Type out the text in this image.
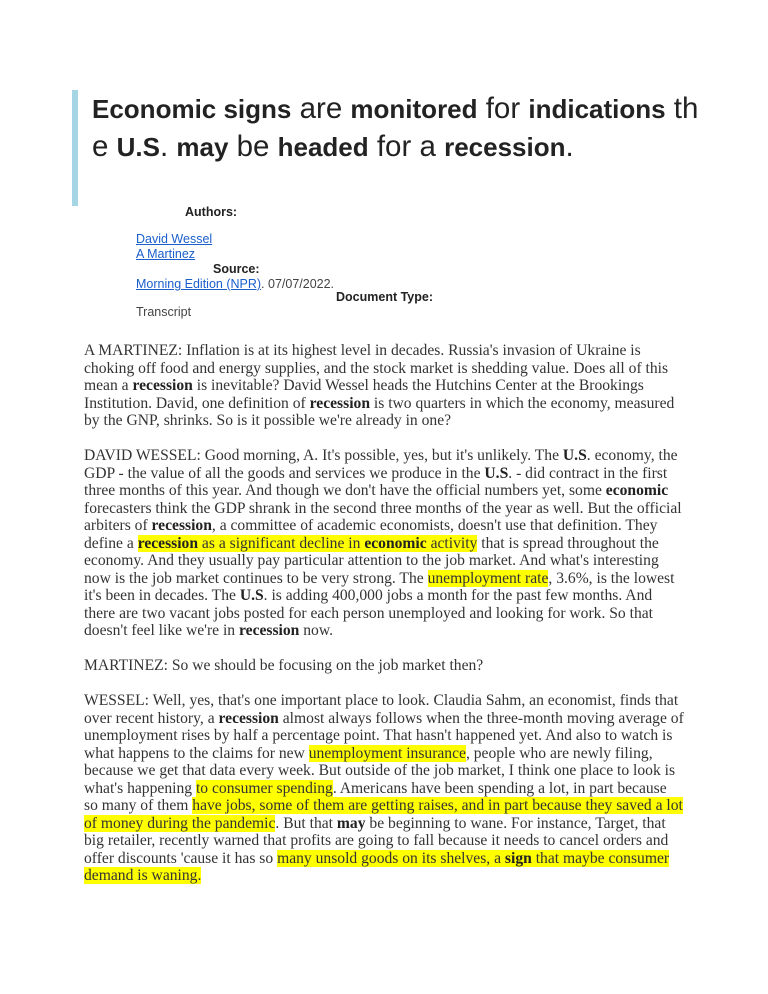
Economic signs are monitored for indications the U.S. may be headed for a recession.
Authors:
David Wessel
A Martinez
Source:
Morning Edition (NPR). 07/07/2022.
Document Type:
Transcript

A MARTINEZ: Inflation is at its highest level in decades. Russia's invasion of Ukraine is choking off food and energy supplies, and the stock market is shedding value. Does all of this mean a recession is inevitable? David Wessel heads the Hutchins Center at the Brookings Institution. David, one definition of recession is two quarters in which the economy, measured by the GNP, shrinks. So is it possible we're already in one?

DAVID WESSEL: Good morning, A. It's possible, yes, but it's unlikely. The U.S. economy, the GDP - the value of all the goods and services we produce in the U.S. - did contract in the first three months of this year. And though we don't have the official numbers yet, some economic forecasters think the GDP shrank in the second three months of the year as well. But the official arbiters of recession, a committee of academic economists, doesn't use that definition. They define a recession as a significant decline in economic activity that is spread throughout the economy. And they usually pay particular attention to the job market. And what's interesting now is the job market continues to be very strong. The unemployment rate, 3.6%, is the lowest it's been in decades. The U.S. is adding 400,000 jobs a month for the past few months. And there are two vacant jobs posted for each person unemployed and looking for work. So that doesn't feel like we're in recession now.

MARTINEZ: So we should be focusing on the job market then?

WESSEL: Well, yes, that's one important place to look. Claudia Sahm, an economist, finds that over recent history, a recession almost always follows when the three-month moving average of unemployment rises by half a percentage point. That hasn't happened yet. And also to watch is what happens to the claims for new unemployment insurance, people who are newly filing, because we get that data every week. But outside of the job market, I think one place to look is what's happening to consumer spending. Americans have been spending a lot, in part because so many of them have jobs, some of them are getting raises, and in part because they saved a lot of money during the pandemic. But that may be beginning to wane. For instance, Target, that big retailer, recently warned that profits are going to fall because it needs to cancel orders and offer discounts 'cause it has so many unsold goods on its shelves, a sign that maybe consumer demand is waning.
